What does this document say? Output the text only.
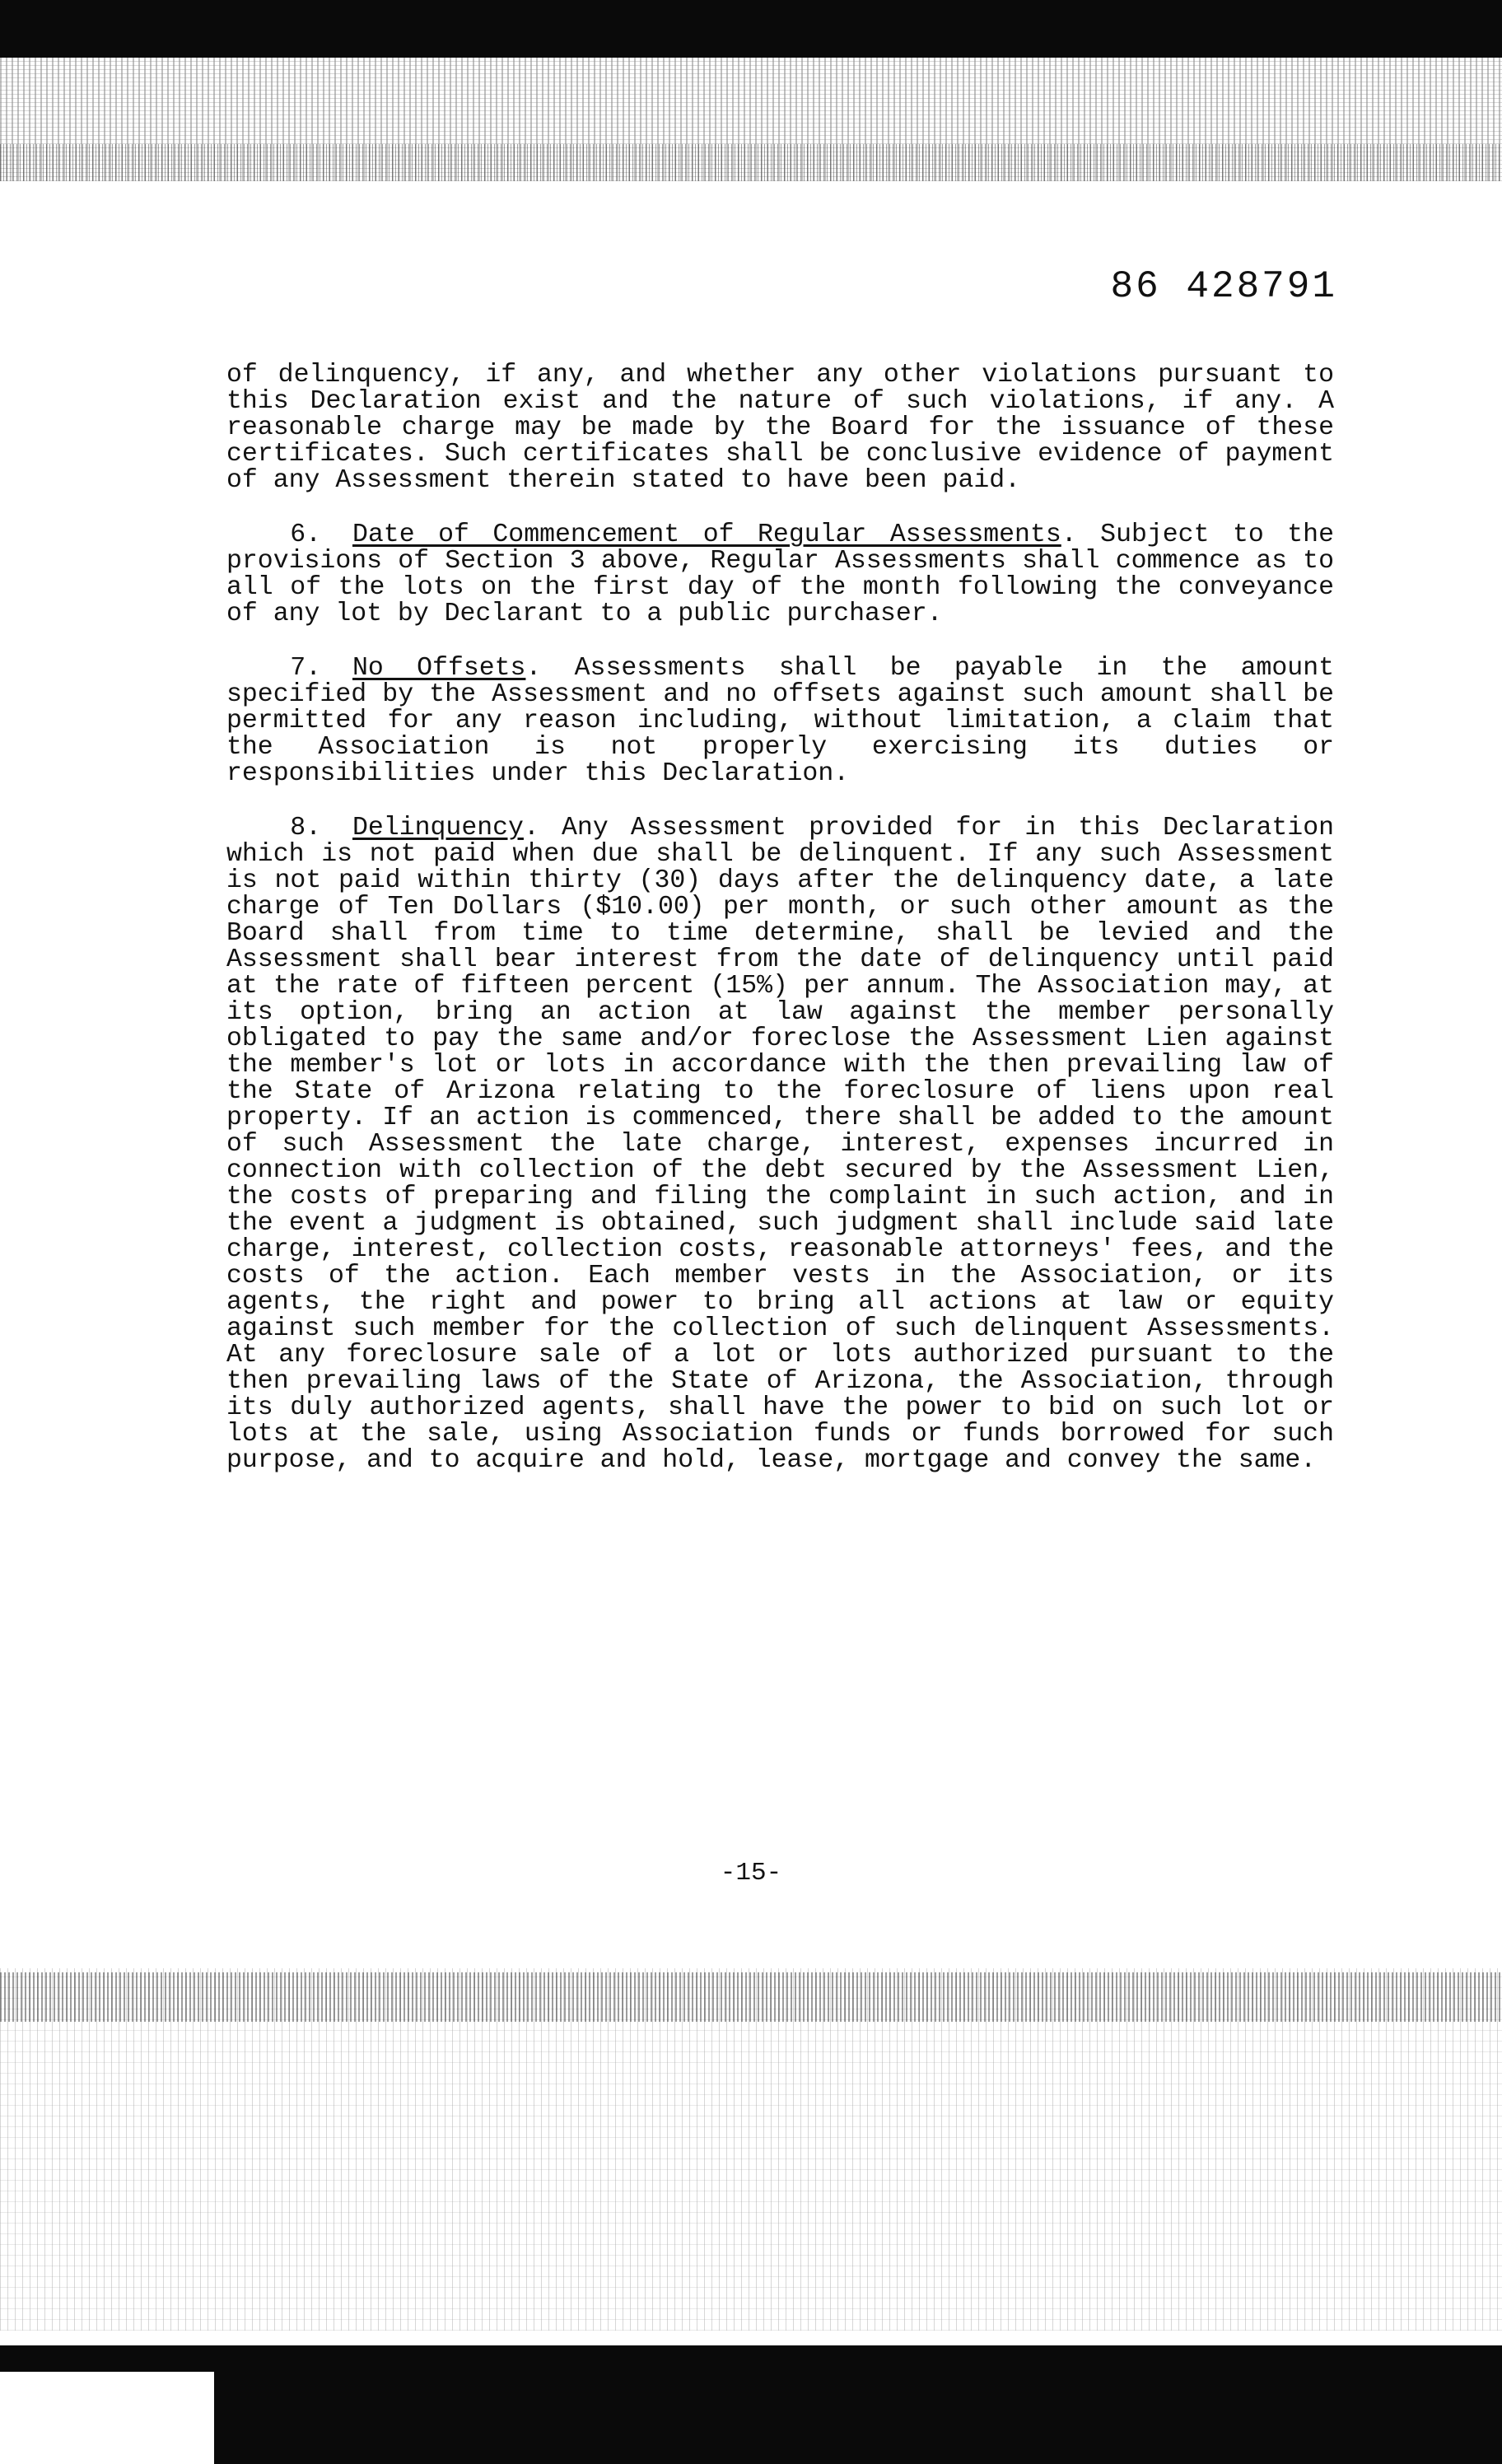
86 428791

of delinquency, if any, and whether any other violations pursuant to this Declaration exist and the nature of such violations, if any. A reasonable charge may be made by the Board for the issuance of these certificates. Such certificates shall be conclusive evidence of payment of any Assessment therein stated to have been paid.

6. Date of Commencement of Regular Assessments. Subject to the provisions of Section 3 above, Regular Assessments shall commence as to all of the lots on the first day of the month following the conveyance of any lot by Declarant to a public purchaser.

7. No Offsets. Assessments shall be payable in the amount specified by the Assessment and no offsets against such amount shall be permitted for any reason including, without limitation, a claim that the Association is not properly exercising its duties or responsibilities under this Declaration.

8. Delinquency. Any Assessment provided for in this Declaration which is not paid when due shall be delinquent. If any such Assessment is not paid within thirty (30) days after the delinquency date, a late charge of Ten Dollars ($10.00) per month, or such other amount as the Board shall from time to time determine, shall be levied and the Assessment shall bear interest from the date of delinquency until paid at the rate of fifteen percent (15%) per annum. The Association may, at its option, bring an action at law against the member personally obligated to pay the same and/or foreclose the Assessment Lien against the member's lot or lots in accordance with the then prevailing law of the State of Arizona relating to the foreclosure of liens upon real property. If an action is commenced, there shall be added to the amount of such Assessment the late charge, interest, expenses incurred in connection with collection of the debt secured by the Assessment Lien, the costs of preparing and filing the complaint in such action, and in the event a judgment is obtained, such judgment shall include said late charge, interest, collection costs, reasonable attorneys' fees, and the costs of the action. Each member vests in the Association, or its agents, the right and power to bring all actions at law or equity against such member for the collection of such delinquent Assessments. At any foreclosure sale of a lot or lots authorized pursuant to the then prevailing laws of the State of Arizona, the Association, through its duly authorized agents, shall have the power to bid on such lot or lots at the sale, using Association funds or funds borrowed for such purpose, and to acquire and hold, lease, mortgage and convey the same.

-15-
